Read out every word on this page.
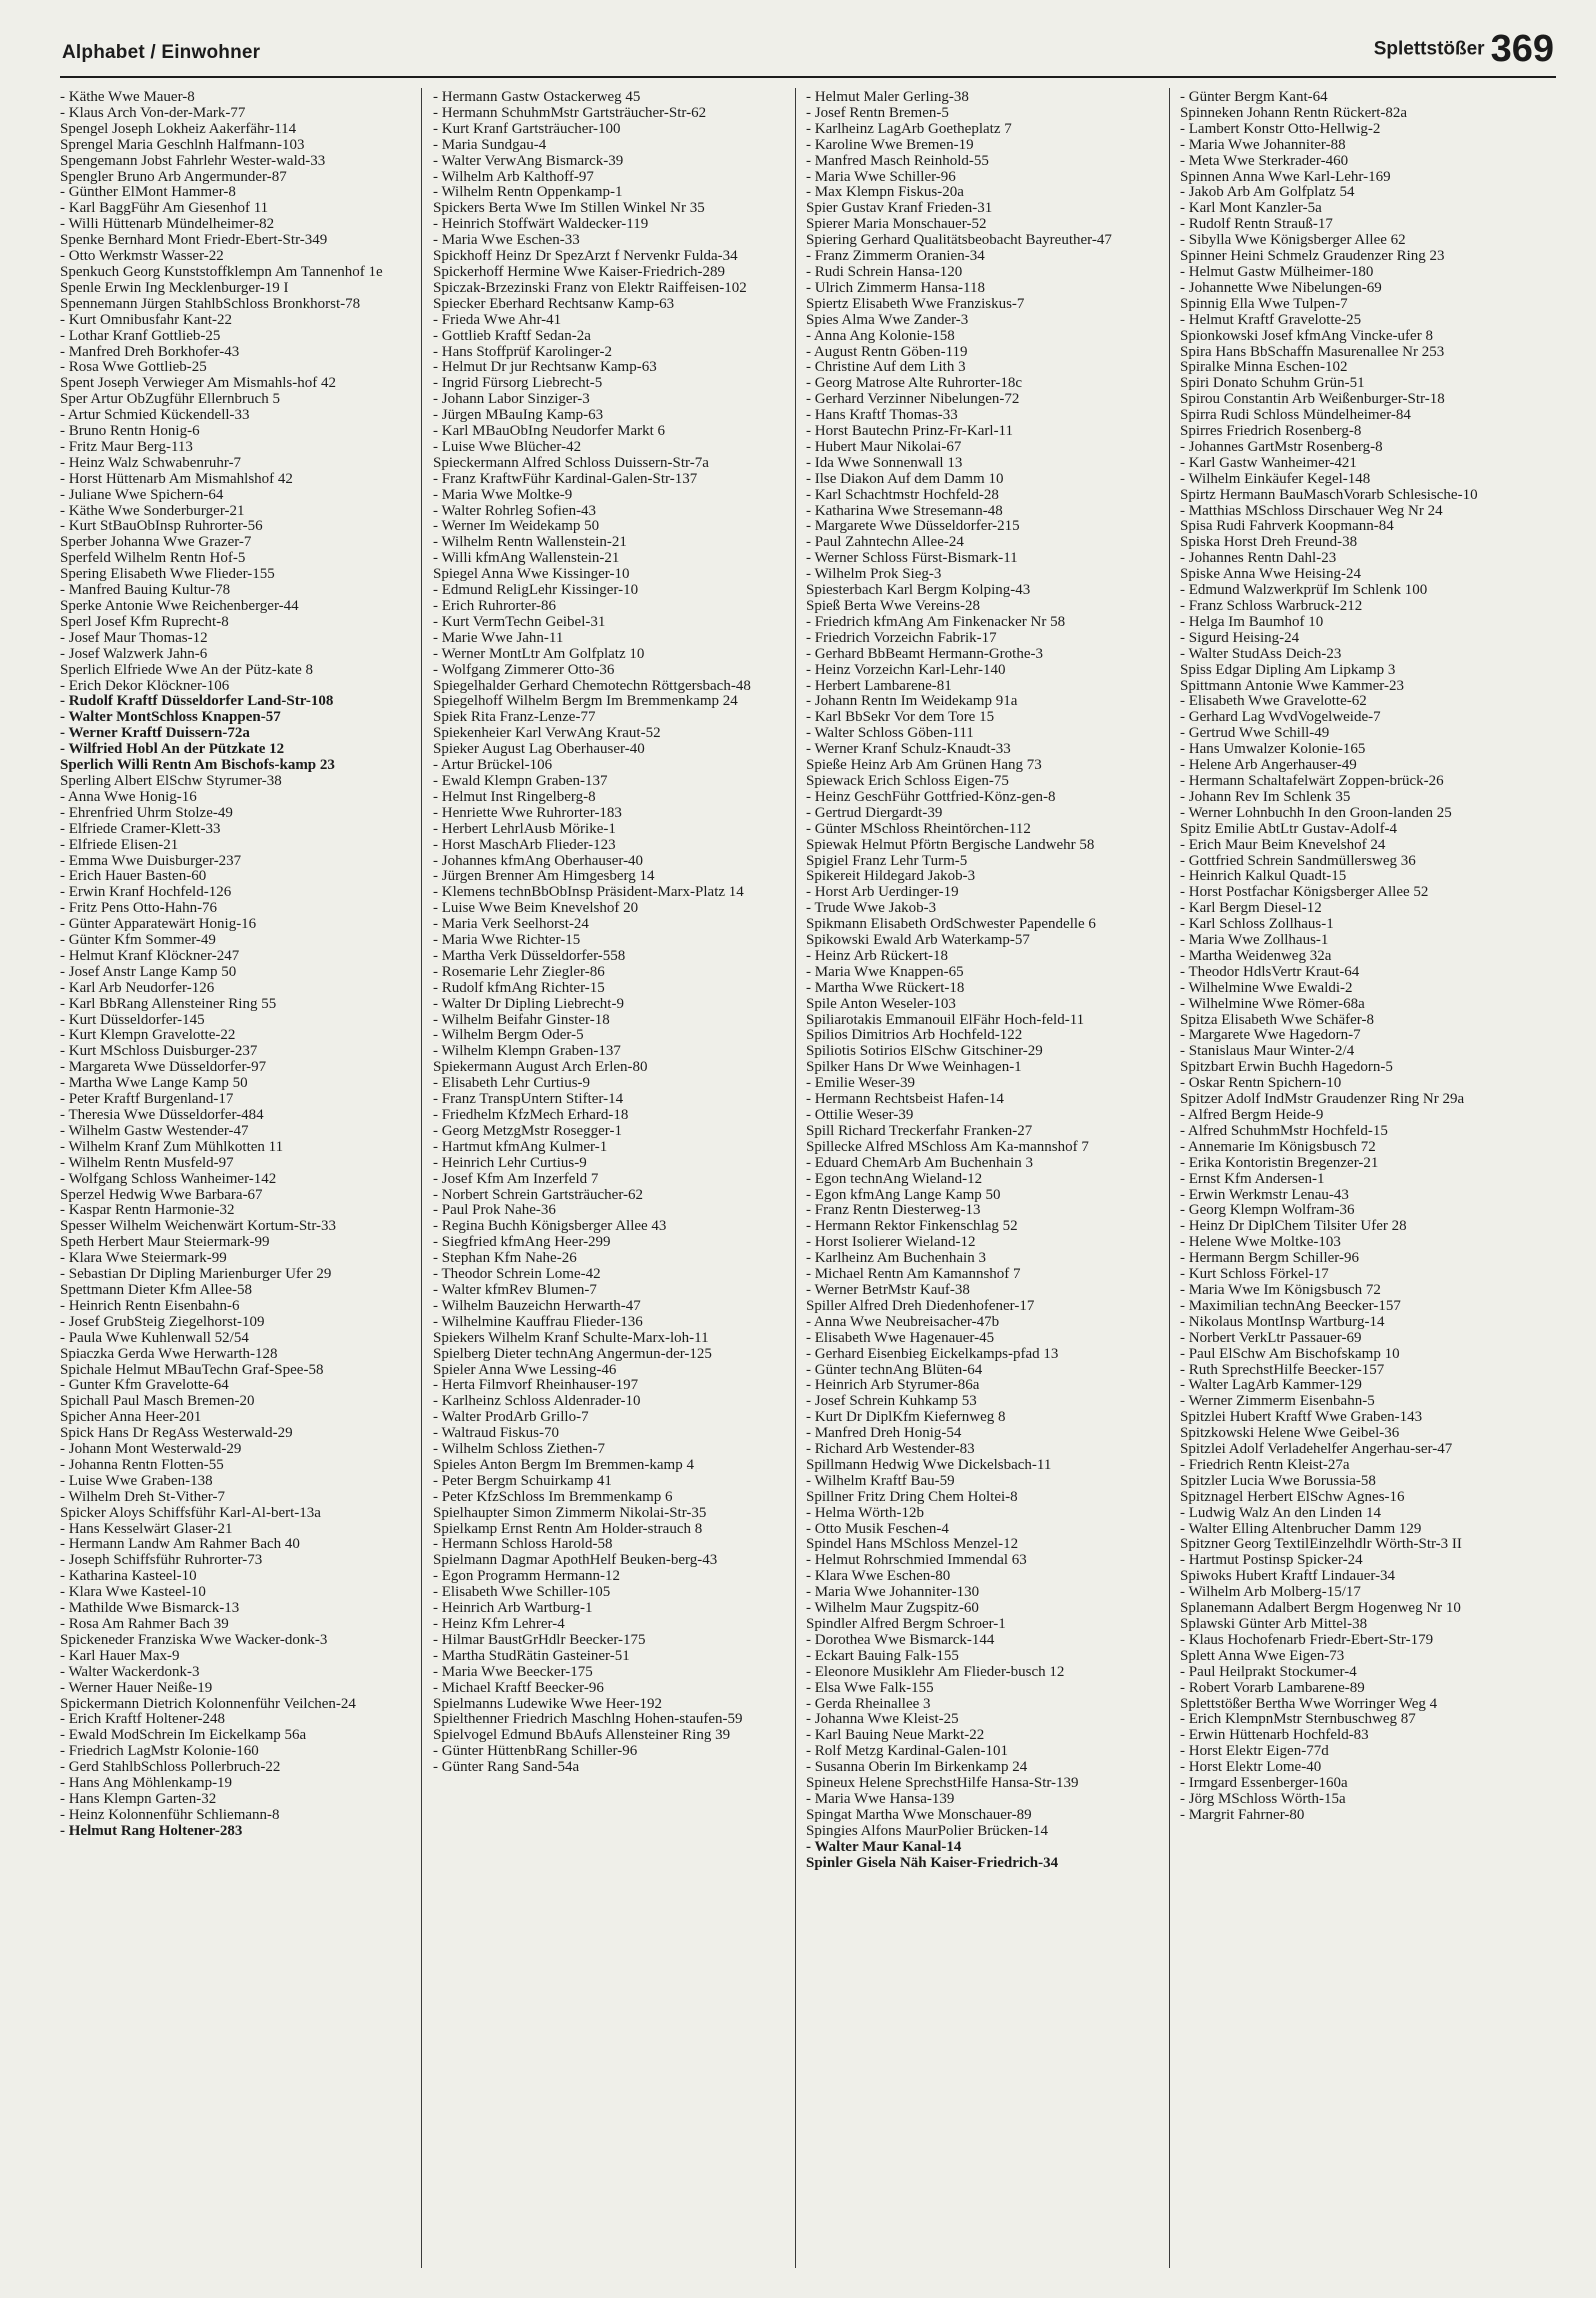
Alphabet / Einwohner	Splettstößer 369
- Käthe Wwe Mauer-8
- Klaus Arch Von-der-Mark-77
Spengel Joseph Lokheiz Aakerfähr-114
Sprengel Maria Geschlnh Halfmann-103
Spengemann Jobst Fahrlehr Wester-wald-33
Spengler Bruno Arb Angermunder-87
- Günther ElMont Hammer-8
- Karl BaggFühr Am Giesenhof 11
- Willi Hüttenarb Mündelheimer-82
Spenke Bernhard Mont Friedr-Ebert-Str-349
- Otto Werkmstr Wasser-22
Spenkuch Georg Kunststoffklempn Am Tannenhof 1e
Spenle Erwin Ing Mecklenburger-19 I
Spennemann Jürgen StahlbSchloss Bronkhorst-78
- Kurt Omnibusfahr Kant-22
- Lothar Kranf Gottlieb-25
- Manfred Dreh Borkhofer-43
- Rosa Wwe Gottlieb-25
Spent Joseph Verwieger Am Mismahls-hof 42
Sper Artur ObZugführ Ellernbruch 5
- Artur Schmied Kückendell-33
- Bruno Rentn Honig-6
- Fritz Maur Berg-113
- Heinz Walz Schwabenruhr-7
- Horst Hüttenarb Am Mismahlshof 42
- Juliane Wwe Spichern-64
- Käthe Wwe Sonderburger-21
- Kurt StBauObInsp Ruhrorter-56
Sperber Johanna Wwe Grazer-7
Sperfeld Wilhelm Rentn Hof-5
Spering Elisabeth Wwe Flieder-155
- Manfred Bauing Kultur-78
Sperke Antonie Wwe Reichenberger-44
Sperl Josef Kfm Ruprecht-8
- Josef Maur Thomas-12
- Josef Walzwerk Jahn-6
Sperlich Elfriede Wwe An der Pütz-kate 8
- Erich Dekor Klöckner-106
- Rudolf Kraftf Düsseldorfer Land-Str-108
- Walter MontSchloss Knappen-57
- Werner Kraftf Duissern-72a
- Wilfried Hobl An der Pützkate 12
Sperlich Willi Rentn Am Bischofs-kamp 23
Sperling Albert ElSchw Styrumer-38
- Anna Wwe Honig-16
- Ehrenfried Uhrm Stolze-49
- Elfriede Cramer-Klett-33
- Elfriede Elisen-21
- Emma Wwe Duisburger-237
- Erich Hauer Basten-60
- Erwin Kranf Hochfeld-126
- Fritz Pens Otto-Hahn-76
- Günter Apparatewärt Honig-16
- Günter Kfm Sommer-49
- Helmut Kranf Klöckner-247
- Josef Anstr Lange Kamp 50
- Karl Arb Neudorfer-126
- Karl BbRang Allensteiner Ring 55
- Kurt Düsseldorfer-145
- Kurt Klempn Gravelotte-22
- Kurt MSchloss Duisburger-237
- Margareta Wwe Düsseldorfer-97
- Martha Wwe Lange Kamp 50
- Peter Kraftf Burgenland-17
- Theresia Wwe Düsseldorfer-484
- Wilhelm Gastw Westender-47
- Wilhelm Kranf Zum Mühlkotten 11
- Wilhelm Rentn Musfeld-97
- Wolfgang Schloss Wanheimer-142
Sperzel Hedwig Wwe Barbara-67
- Kaspar Rentn Harmonie-32
Spesser Wilhelm Weichenwärt Kortum-Str-33
Speth Herbert Maur Steiermark-99
- Klara Wwe Steiermark-99
- Sebastian Dr Dipling Marienburger Ufer 29
Spettmann Dieter Kfm Allee-58
- Heinrich Rentn Eisenbahn-6
- Josef GrubSteig Ziegelhorst-109
- Paula Wwe Kuhlenwall 52/54
Spiaczka Gerda Wwe Herwarth-128
Spichale Helmut MBauTechn Graf-Spee-58
- Gunter Kfm Gravelotte-64
Spichall Paul Masch Bremen-20
Spicher Anna Heer-201
Spick Hans Dr RegAss Westerwald-29
- Johann Mont Westerwald-29
- Johanna Rentn Flotten-55
- Luise Wwe Graben-138
- Wilhelm Dreh St-Vither-7
Spicker Aloys Schiffsführ Karl-Al-bert-13a
- Hans Kesselwärt Glaser-21
- Hermann Landw Am Rahmer Bach 40
- Joseph Schiffsführ Ruhrorter-73
- Katharina Kasteel-10
- Klara Wwe Kasteel-10
- Mathilde Wwe Bismarck-13
- Rosa Am Rahmer Bach 39
Spickeneder Franziska Wwe Wacker-donk-3
- Karl Hauer Max-9
- Walter Wackerdonk-3
- Werner Hauer Neiße-19
Spickermann Dietrich Kolonnenführ Veilchen-24
- Erich Kraftf Holtener-248
- Ewald ModSchrein Im Eickelkamp 56a
- Friedrich LagMstr Kolonie-160
- Gerd StahlbSchloss Pollerbruch-22
- Hans Ang Möhlenkamp-19
- Hans Klempn Garten-32
- Heinz Kolonnenführ Schliemann-8
- Helmut Rang Holtener-283
- Hermann Gastw Ostackerweg 45
- Hermann SchuhmMstr Gartsträucher-Str-62
- Kurt Kranf Gartsträucher-100
- Maria Sundgau-4
- Walter VerwAng Bismarck-39
- Wilhelm Arb Kalthoff-97
- Wilhelm Rentn Oppenkamp-1
Spickers Berta Wwe Im Stillen Winkel Nr 35
- Heinrich Stoffwärt Waldecker-119
- Maria Wwe Eschen-33
Spickhoff Heinz Dr SpezArzt f Nervenkr Fulda-34
Spickerhoff Hermine Wwe Kaiser-Friedrich-289
Spiczak-Brzezinski Franz von Elektr Raiffeisen-102
Spiecker Eberhard Rechtsanw Kamp-63
- Frieda Wwe Ahr-41
- Gottlieb Kraftf Sedan-2a
- Hans Stoffprüf Karolinger-2
- Helmut Dr jur Rechtsanw Kamp-63
- Ingrid Fürsorg Liebrecht-5
- Johann Labor Sinziger-3
- Jürgen MBauIng Kamp-63
- Karl MBauObIng Neudorfer Markt 6
- Luise Wwe Blücher-42
Spieckermann Alfred Schloss Duissern-Str-7a
- Franz KraftwFühr Kardinal-Galen-Str-137
- Maria Wwe Moltke-9
- Walter Rohrleg Sofien-43
- Werner Im Weidekamp 50
- Wilhelm Rentn Wallenstein-21
- Willi kfmAng Wallenstein-21
Spiegel Anna Wwe Kissinger-10
- Edmund ReligLehr Kissinger-10
- Erich Ruhrorter-86
- Kurt VermTechn Geibel-31
- Marie Wwe Jahn-11
- Werner MontLtr Am Golfplatz 10
- Wolfgang Zimmerer Otto-36
Spiegelhalder Gerhard Chemotechn Röttgersbach-48
Spiegelhoff Wilhelm Bergm Im Bremmenkamp 24
Spiek Rita Franz-Lenze-77
Spiekenheier Karl VerwAng Kraut-52
Spieker August Lag Oberhauser-40
- Artur Brückel-106
- Ewald Klempn Graben-137
- Helmut Inst Ringelberg-8
- Henriette Wwe Ruhrorter-183
- Herbert LehrlAusb Mörike-1
- Horst MaschArb Flieder-123
- Johannes kfmAng Oberhauser-40
- Jürgen Brenner Am Himgesberg 14
- Klemens technBbObInsp Präsident-Marx-Platz 14
- Luise Wwe Beim Knevelshof 20
- Maria Verk Seelhorst-24
- Maria Wwe Richter-15
- Martha Verk Düsseldorfer-558
- Rosemarie Lehr Ziegler-86
- Rudolf kfmAng Richter-15
- Walter Dr Dipling Liebrecht-9
- Wilhelm Beifahr Ginster-18
- Wilhelm Bergm Oder-5
- Wilhelm Klempn Graben-137
Spiekermann August Arch Erlen-80
- Elisabeth Lehr Curtius-9
- Franz TranspUntern Stifter-14
- Friedhelm KfzMech Erhard-18
- Georg MetzgMstr Rosegger-1
- Hartmut kfmAng Kulmer-1
- Heinrich Lehr Curtius-9
- Josef Kfm Am Inzerfeld 7
- Norbert Schrein Gartsträucher-62
- Paul Prok Nahe-36
- Regina Buchh Königsberger Allee 43
- Siegfried kfmAng Heer-299
- Stephan Kfm Nahe-26
- Theodor Schrein Lome-42
- Walter kfmRev Blumen-7
- Wilhelm Bauzeichn Herwarth-47
- Wilhelmine Kauffrau Flieder-136
Spiekers Wilhelm Kranf Schulte-Marx-loh-11
Spielberg Dieter technAng Angermun-der-125
Spieler Anna Wwe Lessing-46
- Herta Filmvorf Rheinhauser-197
- Karlheinz Schloss Aldenrader-10
- Walter ProdArb Grillo-7
- Waltraud Fiskus-70
- Wilhelm Schloss Ziethen-7
Spieles Anton Bergm Im Bremmen-kamp 4
- Peter Bergm Schuirkamp 41
- Peter KfzSchloss Im Bremmenkamp 6
Spielhaupter Simon Zimmerm Nikolai-Str-35
Spielkamp Ernst Rentn Am Holder-strauch 8
- Hermann Schloss Harold-58
Spielmann Dagmar ApothHelf Beuken-berg-43
- Egon Programm Hermann-12
- Elisabeth Wwe Schiller-105
- Heinrich Arb Wartburg-1
- Heinz Kfm Lehrer-4
- Hilmar BaustGrHdlr Beecker-175
- Martha StudRätin Gasteiner-51
- Maria Wwe Beecker-175
- Michael Kraftf Beecker-96
Spielmanns Ludewike Wwe Heer-192
Spielthenner Friedrich Maschlng Hohen-staufen-59
Spielvogel Edmund BbAufs Allensteiner Ring 39
- Günter HüttenbRang Schiller-96
- Günter Rang Sand-54a
- Helmut Maler Gerling-38
- Josef Rentn Bremen-5
- Karlheinz LagArb Goetheplatz 7
- Karoline Wwe Bremen-19
- Manfred Masch Reinhold-55
- Maria Wwe Schiller-96
- Max Klempn Fiskus-20a
Spier Gustav Kranf Frieden-31
Spierer Maria Monschauer-52
Spiering Gerhard Qualitätsbeobacht Bayreuther-47
- Franz Zimmerm Oranien-34
- Rudi Schrein Hansa-120
- Ulrich Zimmerm Hansa-118
Spiertz Elisabeth Wwe Franziskus-7
Spies Alma Wwe Zander-3
- Anna Ang Kolonie-158
- August Rentn Göben-119
- Christine Auf dem Lith 3
- Georg Matrose Alte Ruhrorter-18c
- Gerhard Verzinner Nibelungen-72
- Hans Kraftf Thomas-33
- Horst Bautechn Prinz-Fr-Karl-11
- Hubert Maur Nikolai-67
- Ida Wwe Sonnenwall 13
- Ilse Diakon Auf dem Damm 10
- Karl Schachtmstr Hochfeld-28
- Katharina Wwe Stresemann-48
- Margarete Wwe Düsseldorfer-215
- Paul Zahntechn Allee-24
- Werner Schloss Fürst-Bismark-11
- Wilhelm Prok Sieg-3
Spiesterbach Karl Bergm Kolping-43
Spieß Berta Wwe Vereins-28
- Friedrich kfmAng Am Finkenacker Nr 58
- Friedrich Vorzeichn Fabrik-17
- Gerhard BbBeamt Hermann-Grothe-3
- Heinz Vorzeichn Karl-Lehr-140
- Herbert Lambarene-81
- Johann Rentn Im Weidekamp 91a
- Karl BbSekr Vor dem Tore 15
- Walter Schloss Göben-111
- Werner Kranf Schulz-Knaudt-33
Spieße Heinz Arb Am Grünen Hang 73
Spiewack Erich Schloss Eigen-75
- Heinz GeschFühr Gottfried-Könz-gen-8
- Gertrud Diergardt-39
- Günter MSchloss Rheintörchen-112
Spiewak Helmut Pförtn Bergische Landwehr 58
Spigiel Franz Lehr Turm-5
Spikereit Hildegard Jakob-3
- Horst Arb Uerdinger-19
- Trude Wwe Jakob-3
Spikmann Elisabeth OrdSchwester Papendelle 6
Spikowski Ewald Arb Waterkamp-57
- Heinz Arb Rückert-18
- Maria Wwe Knappen-65
- Martha Wwe Rückert-18
Spile Anton Weseler-103
Spiliarotakis Emmanouil ElFähr Hoch-feld-11
Spilios Dimitrios Arb Hochfeld-122
Spiliotis Sotirios ElSchw Gitschiner-29
Spilker Hans Dr Wwe Weinhagen-1
- Emilie Weser-39
- Hermann Rechtsbeist Hafen-14
- Ottilie Weser-39
Spill Richard Treckerfahr Franken-27
Spillecke Alfred MSchloss Am Ka-mannshof 7
- Eduard ChemArb Am Buchenhain 3
- Egon technAng Wieland-12
- Egon kfmAng Lange Kamp 50
- Franz Rentn Diesterweg-13
- Hermann Rektor Finkenschlag 52
- Horst Isolierer Wieland-12
- Karlheinz Am Buchenhain 3
- Michael Rentn Am Kamannshof 7
- Werner BetrMstr Kauf-38
Spiller Alfred Dreh Diedenhofener-17
- Anna Wwe Neubreisacher-47b
- Elisabeth Wwe Hagenauer-45
- Gerhard Eisenbieg Eickelkamps-pfad 13
- Günter technAng Blüten-64
- Heinrich Arb Styrumer-86a
- Josef Schrein Kuhkamp 53
- Kurt Dr DiplKfm Kiefernweg 8
- Manfred Dreh Honig-54
- Richard Arb Westender-83
Spillmann Hedwig Wwe Dickelsbach-11
- Wilhelm Kraftf Bau-59
Spillner Fritz Dring Chem Holtei-8
- Helma Wörth-12b
- Otto Musik Feschen-4
Spindel Hans MSchloss Menzel-12
- Helmut Rohrschmied Immendal 63
- Klara Wwe Eschen-80
- Maria Wwe Johanniter-130
- Wilhelm Maur Zugspitz-60
Spindler Alfred Bergm Schroer-1
- Dorothea Wwe Bismarck-144
- Eckart Bauing Falk-155
- Eleonore Musiklehr Am Flieder-busch 12
- Elsa Wwe Falk-155
- Gerda Rheinallee 3
- Johanna Wwe Kleist-25
- Karl Bauing Neue Markt-22
- Rolf Metzg Kardinal-Galen-101
- Susanna Oberin Im Birkenkamp 24
Spineux Helene SprechstHilfe Hansa-Str-139
- Maria Wwe Hansa-139
Spingat Martha Wwe Monschauer-89
Spingies Alfons MaurPolier Brücken-14
- Walter Maur Kanal-14
Spinler Gisela Näh Kaiser-Friedrich-34
- Günter Bergm Kant-64
Spinneken Johann Rentn Rückert-82a
- Lambert Konstr Otto-Hellwig-2
- Maria Wwe Johanniter-88
- Meta Wwe Sterkrader-460
Spinnen Anna Wwe Karl-Lehr-169
- Jakob Arb Am Golfplatz 54
- Karl Mont Kanzler-5a
- Rudolf Rentn Strauß-17
- Sibylla Wwe Königsberger Allee 62
Spinner Heini Schmelz Graudenzer Ring 23
- Helmut Gastw Mülheimer-180
- Johannette Wwe Nibelungen-69
Spinnig Ella Wwe Tulpen-7
- Helmut Kraftf Gravelotte-25
Spionkowski Josef kfmAng Vincke-ufer 8
Spira Hans BbSchaffn Masurenallee Nr 253
Spiralke Minna Eschen-102
Spiri Donato Schuhm Grün-51
Spirou Constantin Arb Weißenburger-Str-18
Spirra Rudi Schloss Mündelheimer-84
Spirres Friedrich Rosenberg-8
- Johannes GartMstr Rosenberg-8
- Karl Gastw Wanheimer-421
- Wilhelm Einkäufer Kegel-148
Spirtz Hermann BauMaschVorarb Schlesische-10
- Matthias MSchloss Dirschauer Weg Nr 24
Spisa Rudi Fahrverk Koopmann-84
Spiska Horst Dreh Freund-38
- Johannes Rentn Dahl-23
Spiske Anna Wwe Heising-24
- Edmund Walzwerkprüf Im Schlenk 100
- Franz Schloss Warbruck-212
- Helga Im Baumhof 10
- Sigurd Heising-24
- Walter StudAss Deich-23
Spiss Edgar Dipling Am Lipkamp 3
Spittmann Antonie Wwe Kammer-23
- Elisabeth Wwe Gravelotte-62
- Gerhard Lag WvdVogelweide-7
- Gertrud Wwe Schill-49
- Hans Umwalzer Kolonie-165
- Helene Arb Angerhauser-49
- Hermann Schaltafelwärt Zoppen-brück-26
- Johann Rev Im Schlenk 35
- Werner Lohnbuchh In den Groon-landen 25
Spitz Emilie AbtLtr Gustav-Adolf-4
- Erich Maur Beim Knevelshof 24
- Gottfried Schrein Sandmüllersweg 36
- Heinrich Kalkul Quadt-15
- Horst Postfachar Königsberger Allee 52
- Karl Bergm Diesel-12
- Karl Schloss Zollhaus-1
- Maria Wwe Zollhaus-1
- Martha Weidenweg 32a
- Theodor HdlsVertr Kraut-64
- Wilhelmine Wwe Ewaldi-2
- Wilhelmine Wwe Römer-68a
Spitza Elisabeth Wwe Schäfer-8
- Margarete Wwe Hagedorn-7
- Stanislaus Maur Winter-2/4
Spitzbart Erwin Buchh Hagedorn-5
- Oskar Rentn Spichern-10
Spitzer Adolf IndMstr Graudenzer Ring Nr 29a
- Alfred Bergm Heide-9
- Alfred SchuhmMstr Hochfeld-15
- Annemarie Im Königsbusch 72
- Erika Kontoristin Bregenzer-21
- Ernst Kfm Andersen-1
- Erwin Werkmstr Lenau-43
- Georg Klempn Wolfram-36
- Heinz Dr DiplChem Tilsiter Ufer 28
- Helene Wwe Moltke-103
- Hermann Bergm Schiller-96
- Kurt Schloss Förkel-17
- Maria Wwe Im Königsbusch 72
- Maximilian technAng Beecker-157
- Nikolaus MontInsp Wartburg-14
- Norbert VerkLtr Passauer-69
- Paul ElSchw Am Bischofskamp 10
- Ruth SprechstHilfe Beecker-157
- Walter LagArb Kammer-129
- Werner Zimmerm Eisenbahn-5
Spitzlei Hubert Kraftf Wwe Graben-143
Spitzkowski Helene Wwe Geibel-36
Spitzlei Adolf Verladehelfer Angerhau-ser-47
- Friedrich Rentn Kleist-27a
Spitzler Lucia Wwe Borussia-58
Spitznagel Herbert ElSchw Agnes-16
- Ludwig Walz An den Linden 14
- Walter Elling Altenbrucher Damm 129
Spitzner Georg TextilEinzelhdlr Wörth-Str-3 II
- Hartmut Postinsp Spicker-24
Spiwoks Hubert Kraftf Lindauer-34
- Wilhelm Arb Molberg-15/17
Splanemann Adalbert Bergm Hogenweg Nr 10
Splawski Günter Arb Mittel-38
- Klaus Hochofenarb Friedr-Ebert-Str-179
Splett Anna Wwe Eigen-73
- Paul Heilprakt Stockumer-4
- Robert Vorarb Lambarene-89
Splettstößer Bertha Wwe Worringer Weg 4
- Erich KlempnMstr Sternbuschweg 87
- Erwin Hüttenarb Hochfeld-83
- Horst Elektr Eigen-77d
- Horst Elektr Lome-40
- Irmgard Essenberger-160a
- Jörg MSchloss Wörth-15a
- Margrit Fahrner-80
